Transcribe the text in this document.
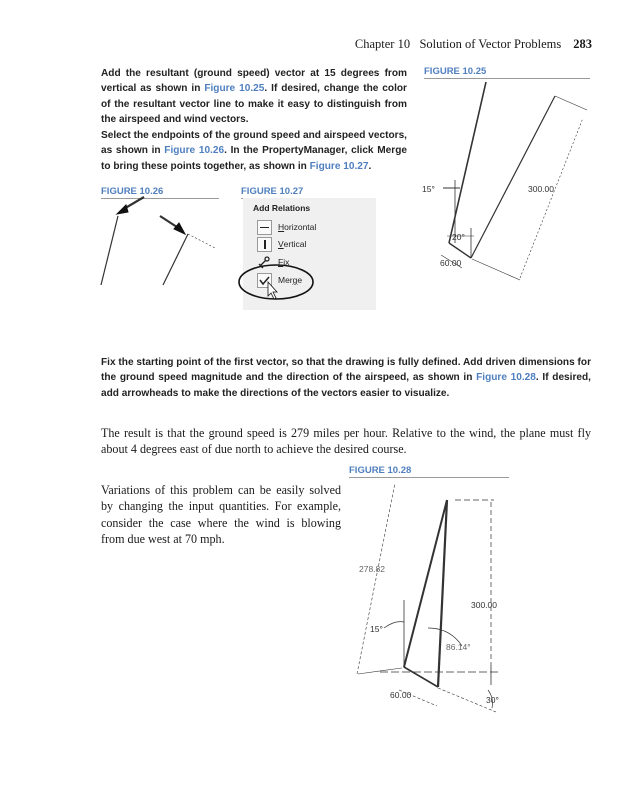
Chapter 10 Solution of Vector Problems 283
Add the resultant (ground speed) vector at 15 degrees from vertical as shown in Figure 10.25. If desired, change the color of the resultant vector line to make it easy to distinguish from the airspeed and wind vectors.
Select the endpoints of the ground speed and airspeed vectors, as shown in Figure 10.26. In the PropertyManager, click Merge to bring these points together, as shown in Figure 10.27.
FIGURE 10.25
15°	300.00
20°
60.00
FIGURE 10.26	FIGURE 10.27
Add Relations
H orizontal
V ertical
F ix
Mer g e
Fix the starting point of the first vector, so that the drawing is fully defined. Add driven dimensions for the ground speed magnitude and the direction of the airspeed, as shown in Figure 10.28. If desired, add arrowheads to make the directions of the vectors easier to visualize.
The result is that the ground speed is 279 miles per hour. Relative to the wind, the plane must fly about 4 degrees east of due north to achieve the desired course.
FIGURE 10.28
Variations of this problem can be easily solved by changing the input quantities. For example, consider the case where the wind is blowing from due west at 70 mph.
278.82
300.00
15°
86.14°
60.00	30°
